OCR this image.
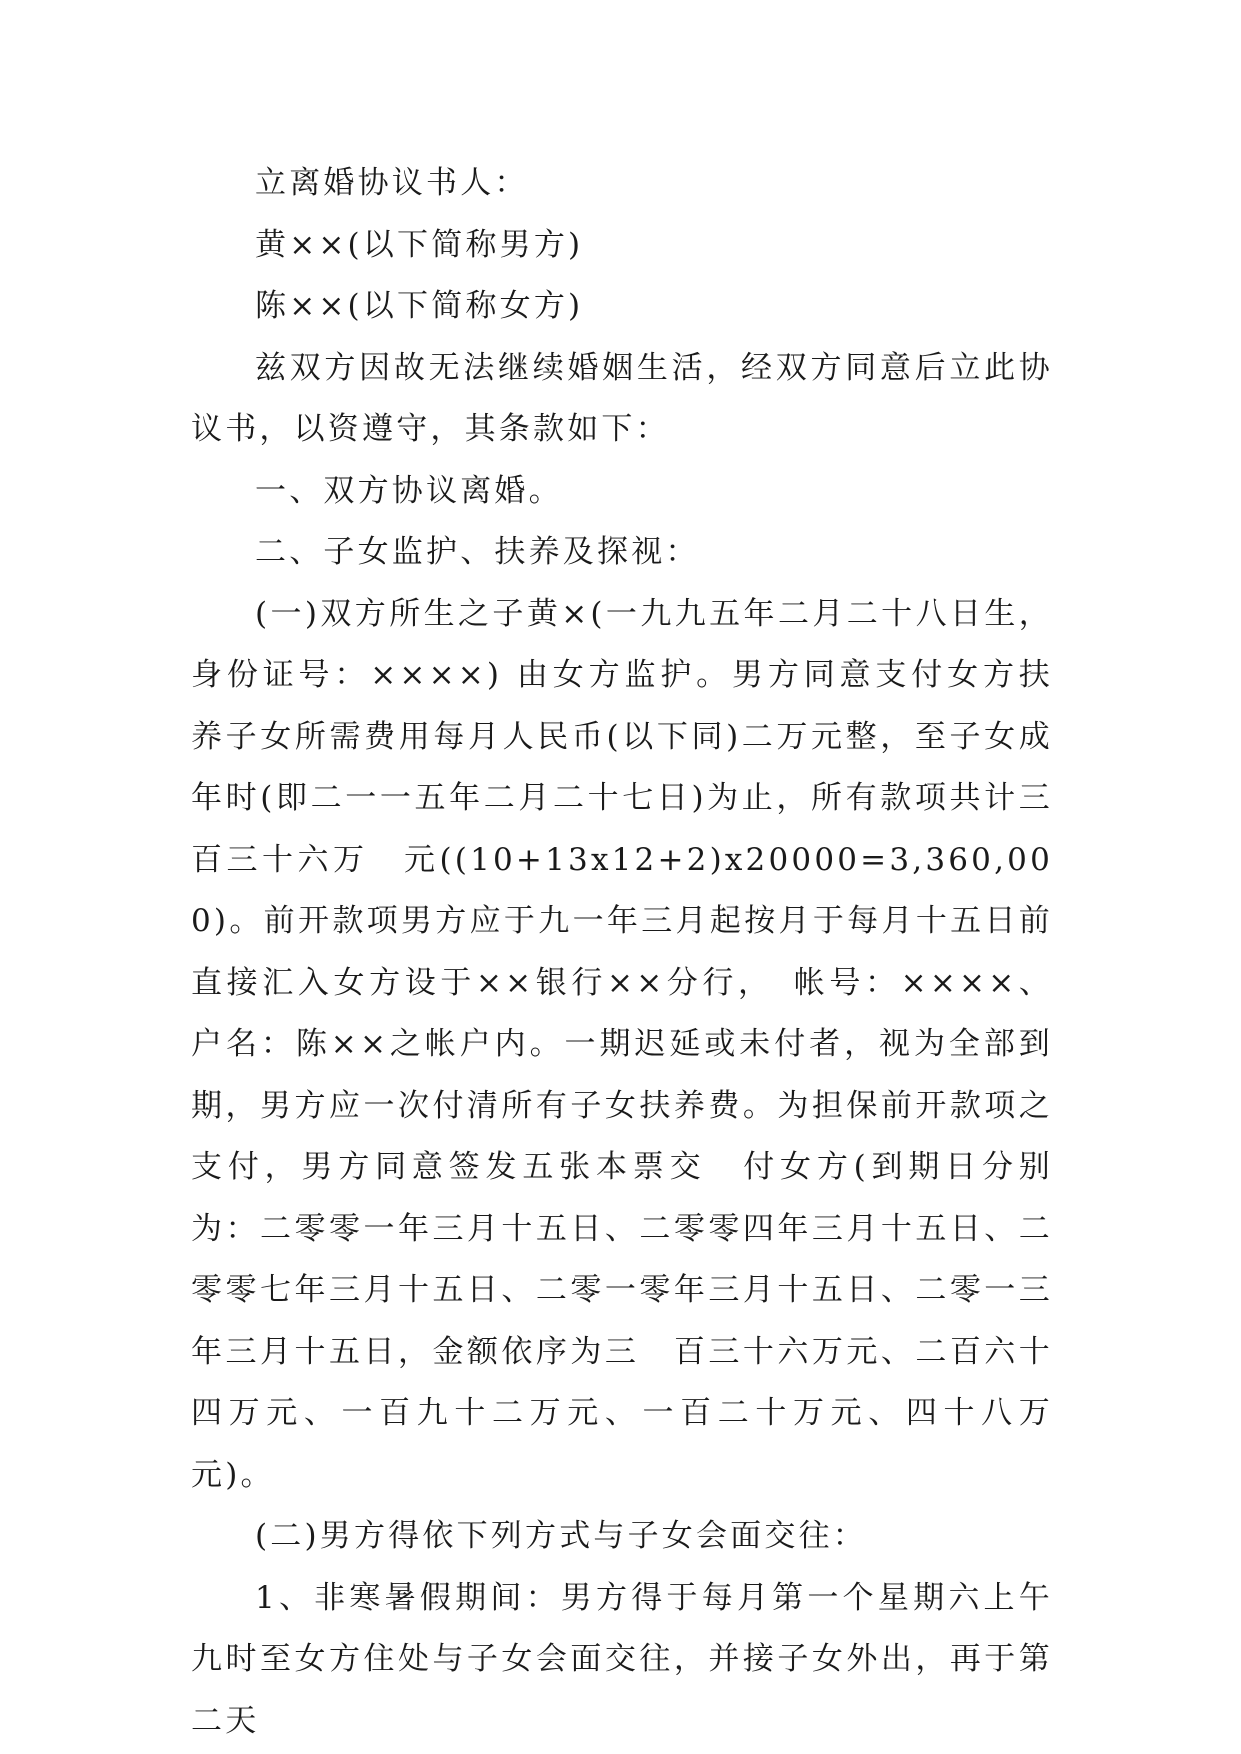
立离婚协议书人：

黄××(以下简称男方)

陈××(以下简称女方)

兹双方因故无法继续婚姻生活，经双方同意后立此协议书，以资遵守，其条款如下：

一、双方协议离婚。

二、子女监护、扶养及探视：

(一)双方所生之子黄×(一九九五年二月二十八日生，身份证号：××××) 由女方监护。男方同意支付女方扶养子女所需费用每月人民币(以下同)二万元整，至子女成年时(即二一一五年二月二十七日)为止，所有款项共计三百三十六万　元((10+13x12+2)x20000=3,360,000)。前开款项男方应于九一年三月起按月于每月十五日前直接汇入女方设于××银行××分行，　帐号：××××、户名：陈××之帐户内。一期迟延或未付者，视为全部到期，男方应一次付清所有子女扶养费。为担保前开款项之支付，男方同意签发五张本票交　付女方(到期日分别为：二零零一年三月十五日、二零零四年三月十五日、二零零七年三月十五日、二零一零年三月十五日、二零一三年三月十五日，金额依序为三　百三十六万元、二百六十四万元、一百九十二万元、一百二十万元、四十八万元)。

(二)男方得依下列方式与子女会面交往：

1、非寒暑假期间：男方得于每月第一个星期六上午九时至女方住处与子女会面交往，并接子女外出，再于第二天
